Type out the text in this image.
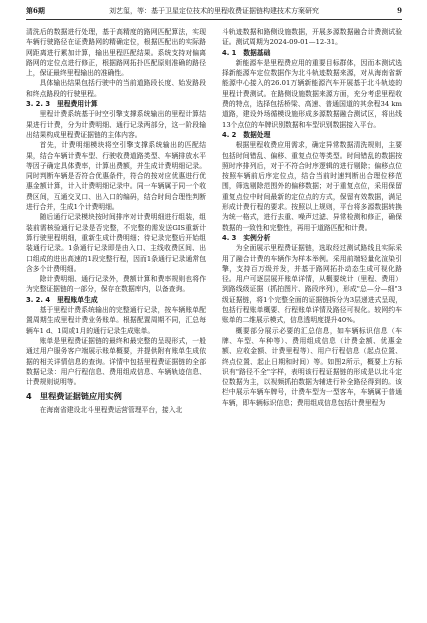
第6期	刘艺玺，等：基于卫星定位技术的里程收费证据链构建技术方案研究	9

清洗后的数据进行处理，基于高精度的路网匹配算法，实现车辆行驶路径在证费路网的精确定位，根据匹配出的实际路网距离进行累加计算，输出里程匹配结果。系统支持对偏离路网的定位点进行修正，根据路网拓扑匹配原则准确的路径上，保证最终里程输出的准确性。

具体输出结果包括行驶中的当前道路段长度、始发路段和终点路段的行驶里程。

3. 2. 3　里程费用计算

里程计费系统基于时空引擎支撑系统输出的里程计算结果进行计费，分为计费明细、通行记录两部分，这一阶段输出结果构成里程费证据链的主体内容。

首先，计费明细模块将空引擎支撑系统输出的匹配结果，结合车辆计费车型、行驶收费道路类型、车辆排放水平等因子确定具体费率，计算出费额，并生成计费明细记录。同时判断车辆是否符合优惠条件，符合的按对应优惠进行优惠金额计算，计入计费明细记录中。同一车辆属于同一个收费区间，互通交叉口、出入口的编码，结合时间合理性判断进行合并，生成1个计费明细。

随后通行记录模块按时间排序对计费明细进行组装，组装前需核验通行记录是否完整，不完整的需发送GIS重新计算行驶里程明细，重新生成计费明细；待记录完整后开始组装通行记录。1条通行记录即是由入口、主线收费区间、出口组成的进出高速的1段完整行程，因而1条通行记录通常包含多个计费明细。

除计费明细、通行记录外，费额计算和费率规则也将作为完整证据链的一部分，保存在数据库内，以备查询。

3. 2. 4　里程账单生成

基于里程计费系统输出的完整通行记录，按车辆账单配置周期生成里程计费业务账单。根据配置周期不同，汇总每辆车1 d、1周或1月的通行记录生成账单。

账单是里程费证据链的最终和最完整的呈现形式，一般通过用户服务客户端展示账单概要，并提供附有账单生成依据的相关详情信息的查询。详情中包括里程费证据链的全部数据记录：用户行程信息、费用组成信息、车辆轨迹信息、计费规则说明等。

4　里程费证据链应用实例

在海南省建设北斗里程费运营管理平台，接入北

斗轨迹数据和路侧设施数据，开展多源数据融合计费测试验证。测试周期为2024-09-01—12-31。

4. 1　数据基础

新能源车是里程费应用的重要目标群体，因而本测试选择新能源车定位数据作为北斗轨迹数据来源，对从海南省新能源中心接入的26.01万辆新能源汽车开展基于北斗轨迹的里程计费测试。在路侧设施数据来源方面，充分考虑里程收费的特点，选择包括桥梁、高速、普通国道的其余程34 km道路，建设外场循模设施形成多源数据融合测试区，将出线13个点位的车牌识别数据和车型识别数据接入平台。

4. 2　数据处理

根据里程收费应用需求，确定异常数据清洗规则，主要包括时间错乱、偏移、重复点位等类型。时间错乱的数据按照时序排列后，对于不符合时序逻辑的进行剔除；偏移点位按照车辆前后序定位点，结合当前时速判断出合理位移范围，筛选剔除范围外的偏移数据；对于重复点位，采用保留重复点位中时间最新的定位点的方式，保留有效数据，满足形成计费行程的要求。按照以上规则，平台将多源数据转换为统一格式，进行去重、噪声过滤、异常检测和修正，确保数据的一致性和完整性，再用于道路匹配和计费。

4. 3　实例分析

为全面展示里程费证据链，选取经过测试路线且实际采用了融合计费的车辆作为样本举例。采用前端轻量化渲染引擎，支持百万级并发，并基于路网拓扑动态生成可视化路径。用户可逐层展开账单详情，从概要统计（里程、费用）到路线级证据（抓拍图片、路段序列），形成"总—分—细"3级证据链，将1个完整全面的证据链拆分为3层递进式呈现，包括行程账单概要、行程账单详情及路径可视化。较网约车账单的二维展示模式，信息透明度提升40%。

概要部分展示必要的汇总信息，如车辆标识信息（车牌、车型、车种等）、费用组成信息（计费金额、优惠金额、应收金额、计费里程等）、用户行程信息（起点位置、终点位置、起止日期和时间）等。如图2所示，概要上方标识有"路径不全"字样，表明该行程证据链的形成是以北斗定位数据为主，以视频抓拍数据为辅进行补全路径得到的。该栏中展示车辆车牌号，计费车型为一型客车，车辆属于普通车辆，即车辆标识信息；费用组成信息包括计费里程为
